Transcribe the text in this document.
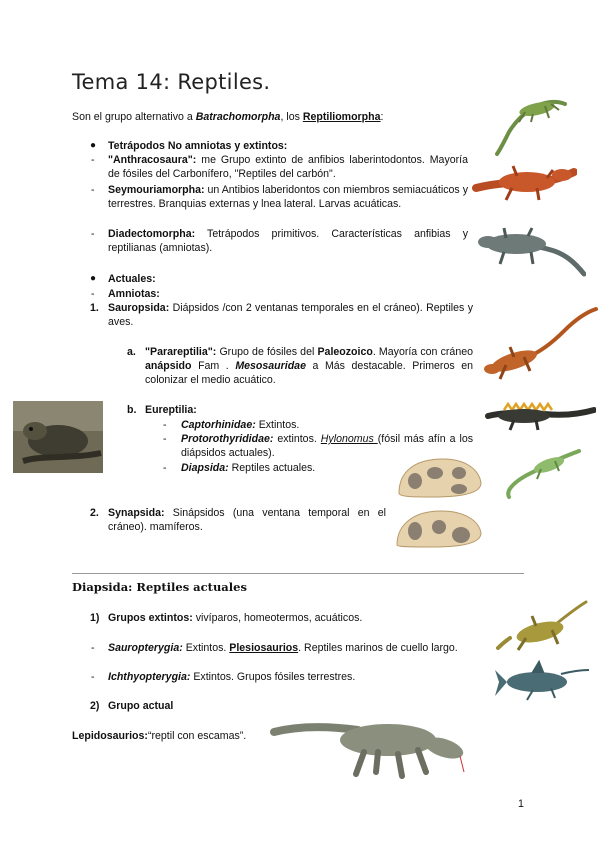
Tema 14: Reptiles.
Son el grupo alternativo a Batrachomorpha, los Reptiliomorpha:
● Tetrápodos No amniotas y extintos:
- "Anthracosaura": me Grupo extinto de anfibios laberintodontos. Mayoría de fósiles del Carbonífero, "Reptiles del carbón".
- Seymouriamorpha: un Antibios laberidontos con miembros semiacuáticos y terrestres. Branquias externas y lnea lateral. Larvas acuáticas.
- Diadectomorpha: Tetrápodos primitivos. Características anfibias y reptilianas (amniotas).
● Actuales:
- Amniotas:
1. Sauropsida: Diápsidos /con 2 ventanas temporales en el cráneo). Reptiles y aves.
a. "Parareptilia": Grupo de fósiles del Paleozoico. Mayoría con cráneo anápsido Fam . Mesosauridae a Más destacable. Primeros en colonizar el medio acuático.
b. Eureptilia:
- Captorhinidae: Extintos.
- Protorothyrididae: extintos. Hylonomus (fósil más afín a los diápsidos actuales).
- Diapsida: Reptiles actuales.
2. Synapsida: Sinápsidos (una ventana temporal en el cráneo). mamíferos.
Diapsida: Reptiles actuales
1) Grupos extintos: vivíparos, homeotermos, acuáticos.
- Sauropterygia: Extintos. Plesiosaurios. Reptiles marinos de cuello largo.
- Ichthyopterygia: Extintos. Grupos fósiles terrestres.
2) Grupo actual
Lepidosaurios:“reptil con escamas”.
1
